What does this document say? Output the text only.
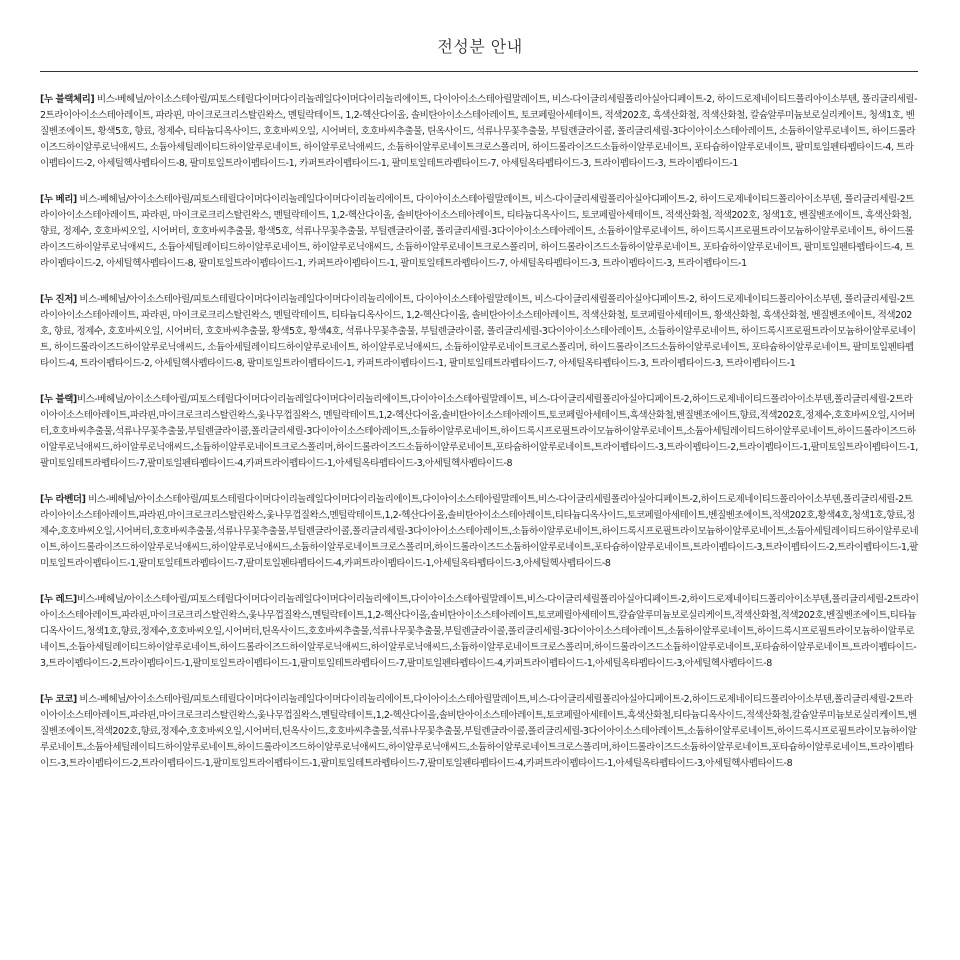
전성분 안내

[누 블랙체리] 비스-베헤닐/아이소스테아릴/피토스테릴다이머다이리놀레일다이머다이리놀리에이트, 다이아이소스테아릴말레이트, 비스-다이글리세릴폴리아실아디페이트-2, 하이드로제네이티드폴리아이소부텐, 폴리글리세릴-2트라이아이소스테아레이트, 파라핀, 마이크로크리스탈린왁스, 멘틸락테이트, 1,2-헥산다이올, 솔비탄아이소스테아레이트, 토코페릴아세테이트, 적색202호, 흑색산화철, 적색산화철, 칼슘알루미늄보로실리케이트, 청색1호, 벤질벤조에이트, 황색5호, 향료, 정제수, 티타늄디옥사이드, 호호바씨오일, 시어버터, 호호바씨추출물, 틴옥사이드, 석류나무꽃추출물, 부틸렌글라이콜, 폴리글리세릴-3다이아이소스테아레이트, 소듐하이알루로네이트, 하이드롤라이즈드하이알루로닉애씨드, 소듐아세틸레이티드하이알루로네이트, 하이알루로닉애씨드, 소듐하이알루로네이트크로스폴리머, 하이드롤라이즈드소듐하이알루로네이트, 포타슘하이알루로네이트, 팔미토일펜타펩타이드-4, 트라이펩타이드-2, 아세틸헥사펩타이드-8, 팔미토일트라이펩타이드-1, 카퍼트라이펩타이드-1, 팔미토일테트라펩타이드-7, 아세틸옥타펩타이드-3, 트라이펩타이드-3, 트라이펩타이드-1

[누 베리] 비스-베헤닐/아이소스테아릴/피토스테릴다이머다이리놀레일다이머다이리놀리에이트, 다이아이소스테아릴말레이트, 비스-다이글리세릴폴리아실아디페이트-2, 하이드로제네이티드폴리아이소부텐, 폴리글리세릴-2트라이아이소스테아레이트, 파라핀, 마이크로크리스탈린왁스, 멘틸락테이트, 1,2-헥산다이올, 솔비탄아이소스테아레이트, 티타늄디옥사이드, 토코페릴아세테이트, 적색산화철, 적색202호, 청색1호, 벤질벤조에이트, 흑색산화철, 향료, 정제수, 호호바씨오일, 시어버터, 호호바씨추출물, 황색5호, 석류나무꽃추출물, 부틸렌글라이콜, 폴리글리세릴-3다이아이소스테아레이트, 소듐하이알루로네이트, 하이드록시프로필트라이모늄하이알루로네이트, 하이드롤라이즈드하이알루로닉애씨드, 소듐아세틸레이티드하이알루로네이트, 하이알루로닉애씨드, 소듐하이알루로네이트크로스폴리머, 하이드롤라이즈드소듐하이알루로네이트, 포타슘하이알루로네이트, 팔미토일펜타펩타이드-4, 트라이펩타이드-2, 아세틸헥사펩타이드-8, 팔미토일트라이펩타이드-1, 카퍼트라이펩타이드-1, 팔미토일테트라펩타이드-7, 아세틸옥타펩타이드-3, 트라이펩타이드-3, 트라이펩타이드-1

[누 진저] 비스-베헤닐/아이소스테아릴/피토스테릴다이머다이리놀레일다이머다이리놀리에이트, 다이아이소스테아릴말레이트, 비스-다이글리세릴폴리아실아디페이트-2, 하이드로제네이티드폴리아이소부텐, 폴리글리세릴-2트라이아이소스테아레이트, 파라핀, 마이크로크리스탈린왁스, 멘틸락테이트, 티타늄디옥사이드, 1,2-헥산다이올, 솔비탄아이소스테아레이트, 적색산화철, 토코페릴아세테이트, 황색산화철, 흑색산화철, 벤질벤조에이트, 적색202호, 향료, 정제수, 호호바씨오일, 시어버터, 호호바씨추출물, 황색5호, 황색4호, 석류나무꽃추출물, 부틸렌글라이콜, 폴리글리세릴-3다이아이소스테아레이트, 소듐하이알루로네이트, 하이드록시프로필트라이모늄하이알루로네이트, 하이드롤라이즈드하이알루로닉애씨드, 소듐아세틸레이티드하이알루로네이트, 하이알루로닉애씨드, 소듐하이알루로네이트크로스폴리머, 하이드롤라이즈드소듐하이알루로네이트, 포타슘하이알루로네이트, 팔미토일펜타펩타이드-4, 트라이펩타이드-2, 아세틸헥사펩타이드-8, 팔미토일트라이펩타이드-1, 카퍼트라이펩타이드-1, 팔미토일테트라펩타이드-7, 아세틸옥타펩타이드-3, 트라이펩타이드-3, 트라이펩타이드-1

[누 블랙]비스-베헤닐/아이소스테아릴/피토스테릴다이머다이리놀레일다이머다이리놀리에이트,다이아이소스테아릴말레이트, 비스-다이글리세릴폴리아실아디페이트-2,하이드로제네이티드폴리아이소부텐,폴리글리세릴-2트라이아이소스테아레이트,파라핀,마이크로크리스탈린왁스,옻나무껍질왁스, 멘틸락테이트,1,2-헥산다이올,솔비탄아이소스테아레이트,토코페릴아세테이트,흑색산화철,벤질벤조에이트,향료,적색202호,정제수,호호바씨오일,시어버터,호호바씨추출물,석류나무꽃추출물,부틸렌글라이콜,폴리글리세릴-3다이아이소스테아레이트,소듐하이알루로네이트,하이드록시프로필트라이모늄하이알루로네이트,소듐아세틸레이티드하이알루로네이트,하이드롤라이즈드하이알루로닉애씨드,하이알루로닉애씨드,소듐하이알루로네이트크로스폴리머,하이드롤라이즈드소듐하이알루로네이트,포타슘하이알루로네이트,트라이펩타이드-3,트라이펩타이드-2,트라이펩타이드-1,팔미토일트라이펩타이드-1, 팔미토일테트라펩타이드-7,팔미토일펜타펩타이드-4,카퍼트라이펩타이드-1,아세틸옥타펩타이드-3,아세틸헥사펩타이드-8

[누 라벤더] 비스-베헤닐/아이소스테아릴/피토스테릴다이머다이리놀레일다이머다이리놀리에이트,다이아이소스테아릴말레이트,비스-다이글리세릴폴리아실아디페이트-2,하이드로제네이티드폴리아이소부텐,폴리글리세릴-2트라이아이소스테아레이트,파라핀,마이크로크리스탈린왁스,옻나무껍질왁스,멘틸락테이트,1,2-헥산다이올,솔비탄아이소스테아레이트,티타늄디옥사이드,토코페릴아세테이트,벤질벤조에이트,적색202호,황색4호,청색1호,향료,정제수,호호바씨오일,시어버터,호호바씨추출물,석류나무꽃추출물,부틸렌글라이콜,폴리글리세릴-3다이아이소스테아레이트,소듐하이알루로네이트,하이드록시프로필트라이모늄하이알루로네이트,소듐아세틸레이티드하이알루로네이트,하이드롤라이즈드하이알루로닉애씨드,하이알루로닉애씨드,소듐하이알루로네이트크로스폴리머,하이드롤라이즈드소듐하이알루로네이트,포타슘하이알루로네이트,트라이펩타이드-3,트라이펩타이드-2,트라이펩타이드-1,팔미토일트라이펩타이드-1,팔미토일테트라펩타이드-7,팔미토일펜타펩타이드-4,카퍼트라이펩타이드-1,아세틸옥타펩타이드-3,아세틸헥사펩타이드-8

[누 레드]비스-베헤닐/아이소스테아릴/피토스테릴다이머다이리놀레일다이머다이리놀리에이트,다이아이소스테아릴말레이트,비스-다이글리세릴폴리아실아디페이트-2,하이드로제네이티드폴리아이소부텐,폴리글리세릴-2트라이아이소스테아레이트,파라핀,마이크로크리스탈린왁스,옻나무껍질왁스,멘틸락테이트,1,2-헥산다이올,솔비탄아이소스테아레이트,토코페릴아세테이트,칼슘알루미늄보로실리케이트,적색산화철,적색202호,벤질벤조에이트,티타늄디옥사이드,청색1호,향료,정제수,호호바씨오일,시어버터,틴옥사이드,호호바씨추출물,석류나무꽃추출물,부틸렌글라이콜,폴리글리세릴-3다이아이소스테아레이트,소듐하이알루로네이트,하이드록시프로필트라이모늄하이알루로네이트,소듐아세틸레이티드하이알루로네이트,하이드롤라이즈드하이알루로닉애씨드,하이알루로닉애씨드,소듐하이알루로네이트크로스폴리머,하이드롤라이즈드소듐하이알루로네이트,포타슘하이알루로네이트,트라이펩타이드-3,트라이펩타이드-2,트라이펩타이드-1,팔미토일트라이펩타이드-1,팔미토일테트라펩타이드-7,팔미토일펜타펩타이드-4,카퍼트라이펩타이드-1,아세틸옥타펩타이드-3,아세틸헥사펩타이드-8

[누 코코] 비스-베헤닐/아이소스테아릴/피토스테릴다이머다이리놀레일다이머다이리놀리에이트,다이아이소스테아릴말레이트,비스-다이글리세릴폴리아실아디페이트-2,하이드로제네이티드폴리아이소부텐,폴리글리세릴-2트라이아이소스테아레이트,파라핀,마이크로크리스탈린왁스,옻나무껍질왁스,멘틸락테이트,1,2-헥산다이올,솔비탄아이소스테아레이트,토코페릴아세테이트,흑색산화철,티타늄디옥사이드,적색산화철,칼슘알루미늄보로실리케이트,벤질벤조에이트,적색202호,향료,정제수,호호바씨오일,시어버터,틴옥사이드,호호바씨추출물,석류나무꽃추출물,부틸렌글라이콜,폴리글리세릴-3다이아이소스테아레이트,소듐하이알루로네이트,하이드록시프로필트라이모늄하이알루로네이트,소듐아세틸레이티드하이알루로네이트,하이드롤라이즈드하이알루로닉애씨드,하이알루로닉애씨드,소듐하이알루로네이트크로스폴리머,하이드롤라이즈드소듐하이알루로네이트,포타슘하이알루로네이트,트라이펩타이드-3,트라이펩타이드-2,트라이펩타이드-1,팔미토일트라이펩타이드-1,팔미토일테트라펩타이드-7,팔미토일펜타펩타이드-4,카퍼트라이펩타이드-1,아세틸옥타펩타이드-3,아세틸헥사펩타이드-8
